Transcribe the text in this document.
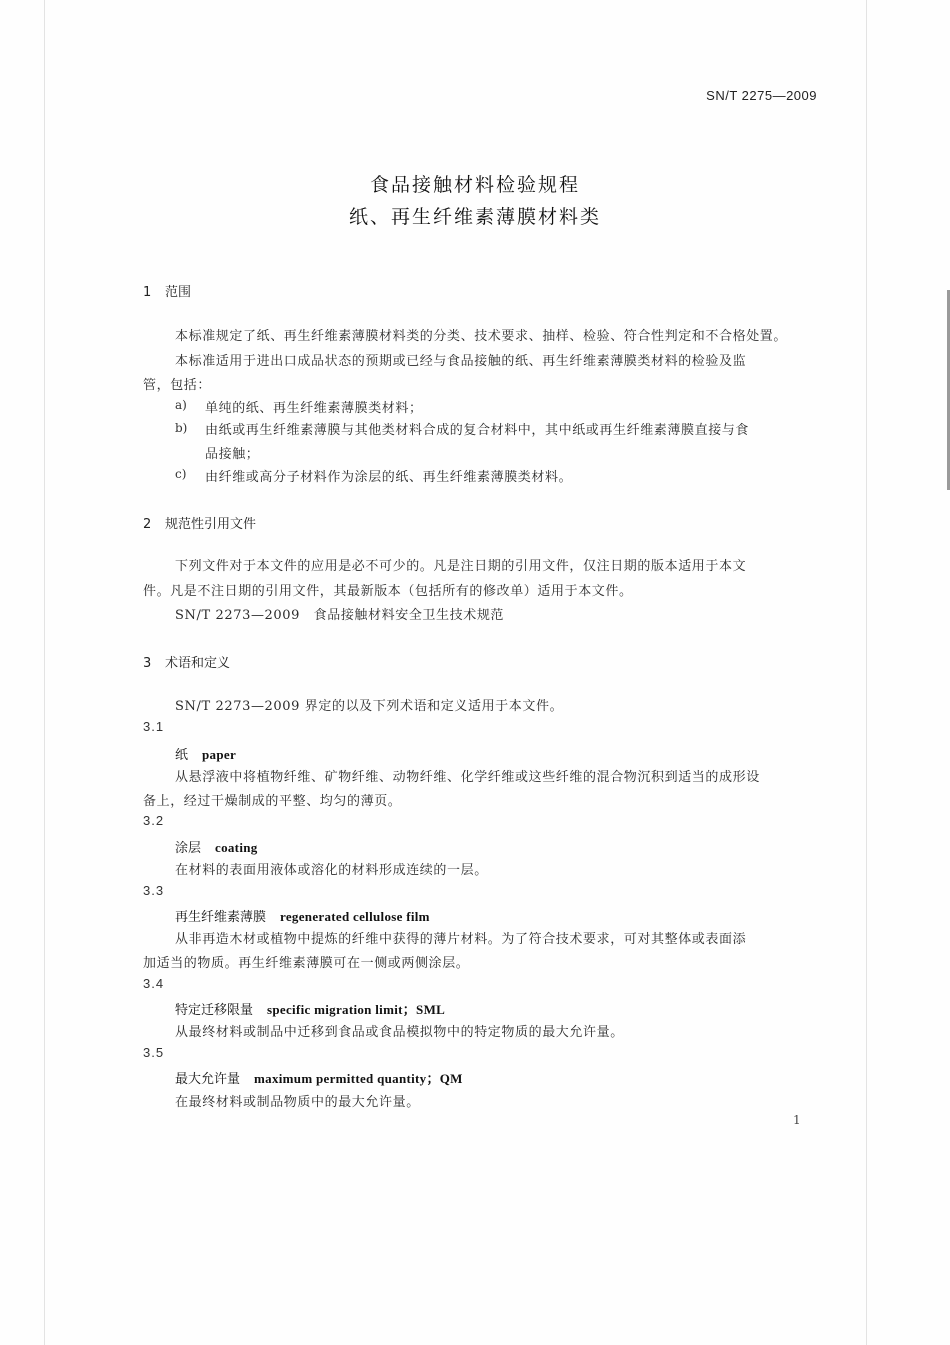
SN/T 2275—2009
食品接触材料检验规程
纸、再生纤维素薄膜材料类
1 范围
本标准规定了纸、再生纤维素薄膜材料类的分类、技术要求、抽样、检验、符合性判定和不合格处置。
本标准适用于进出口成品状态的预期或已经与食品接触的纸、再生纤维素薄膜类材料的检验及监
管，包括：
a) 单纯的纸、再生纤维素薄膜类材料；
b) 由纸或再生纤维素薄膜与其他类材料合成的复合材料中，其中纸或再生纤维素薄膜直接与食
品接触；
c) 由纤维或高分子材料作为涂层的纸、再生纤维素薄膜类材料。
2 规范性引用文件
下列文件对于本文件的应用是必不可少的。凡是注日期的引用文件，仅注日期的版本适用于本文
件。凡是不注日期的引用文件，其最新版本（包括所有的修改单）适用于本文件。
SN/T 2273—2009　食品接触材料安全卫生技术规范
3 术语和定义
SN/T 2273—2009 界定的以及下列术语和定义适用于本文件。
3.1
纸 paper
从悬浮液中将植物纤维、矿物纤维、动物纤维、化学纤维或这些纤维的混合物沉积到适当的成形设
备上，经过干燥制成的平整、均匀的薄页。
3.2
涂层 coating
在材料的表面用液体或溶化的材料形成连续的一层。
3.3
再生纤维素薄膜 regenerated cellulose film
从非再造木材或植物中提炼的纤维中获得的薄片材料。为了符合技术要求，可对其整体或表面添
加适当的物质。再生纤维素薄膜可在一侧或两侧涂层。
3.4
特定迁移限量 specific migration limit；SML
从最终材料或制品中迁移到食品或食品模拟物中的特定物质的最大允许量。
3.5
最大允许量 maximum permitted quantity；QM
在最终材料或制品物质中的最大允许量。
1
